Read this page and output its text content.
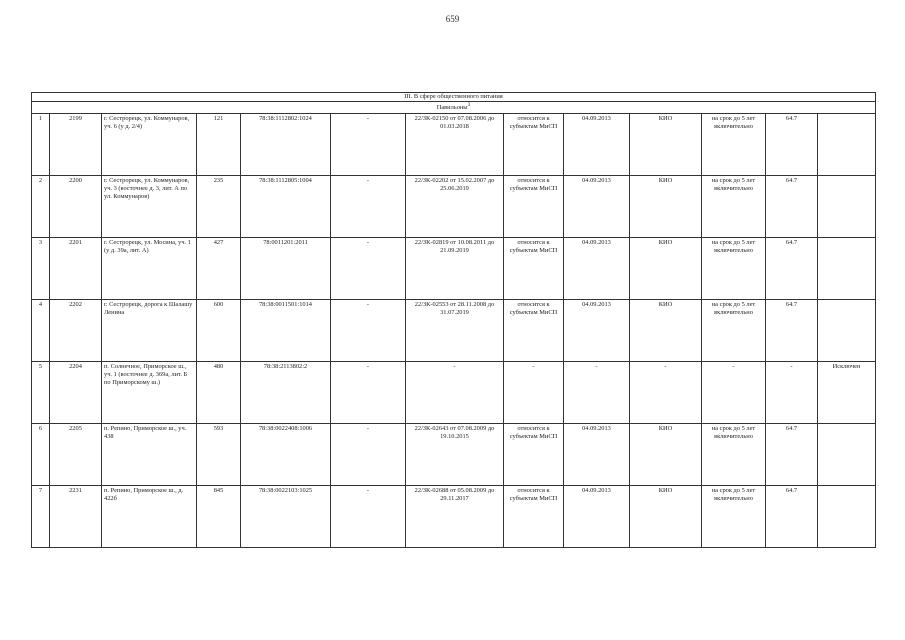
659
III. В сфере общественного питания												
Павильоны$^3$
1	2199	г. Сестрорецк, ул. Коммунаров, уч. 6 (у д. 2/4)	121	78:38:1112802:1024	-	22/ЗК-02150 от 07.08.2006 до 01.03.2018	относится к субъектам МиСП	04.09.2013	КИО	на срок до 5 лет включительно	64.7	
2	2200	г. Сестрорецк, ул. Коммунаров, уч. 3 (восточнее д. 3, лит. А по ул. Коммунаров)	235	78:38:1112805:1004	-	22/ЗК-02202 от 15.02.2007 до 25.06.2019	относится к субъектам МиСП	04.09.2013	КИО	на срок до 5 лет включительно	64.7	
3	2201	г. Сестрорецк, ул. Мосина, уч. 1 (у д. 39а, лит. А)	427	78:0011201:2011	-	22/ЗК-02819 от 10.08.2011 до 21.09.2019	относится к субъектам МиСП	04.09.2013	КИО	на срок до 5 лет включительно	64.7	
4	2202	г. Сестрорецк, дорога к Шалашу Ленина	600	78:38:0011501:1014	-	22/ЗК-02553 от 28.11.2008 до 31.07.2019	относится к субъектам МиСП	04.09.2013	КИО	на срок до 5 лет включительно	64.7	
5	2204	п. Солнечное, Приморское ш., уч. 1 (восточнее д. 369а, лит. Б по Приморскому ш.)	480	78:38:2113802:2	-	-	-	-	-	-	-	Исключен
6	2205	п. Репино, Приморское ш., уч. 438	593	78:38:0022408:1006	-	22/ЗК-02643 от 07.08.2009 до 19.10.2015	относится к субъектам МиСП	04.09.2013	КИО	на срок до 5 лет включительно	64.7	
7	2231	п. Репино, Приморское ш., д. 422б	845	78:38:0022103:1025	-	22/ЗК-02688 от 05.08.2009 до 29.11.2017	относится к субъектам МиСП	04.09.2013	КИО	на срок до 5 лет включительно	64.7	
